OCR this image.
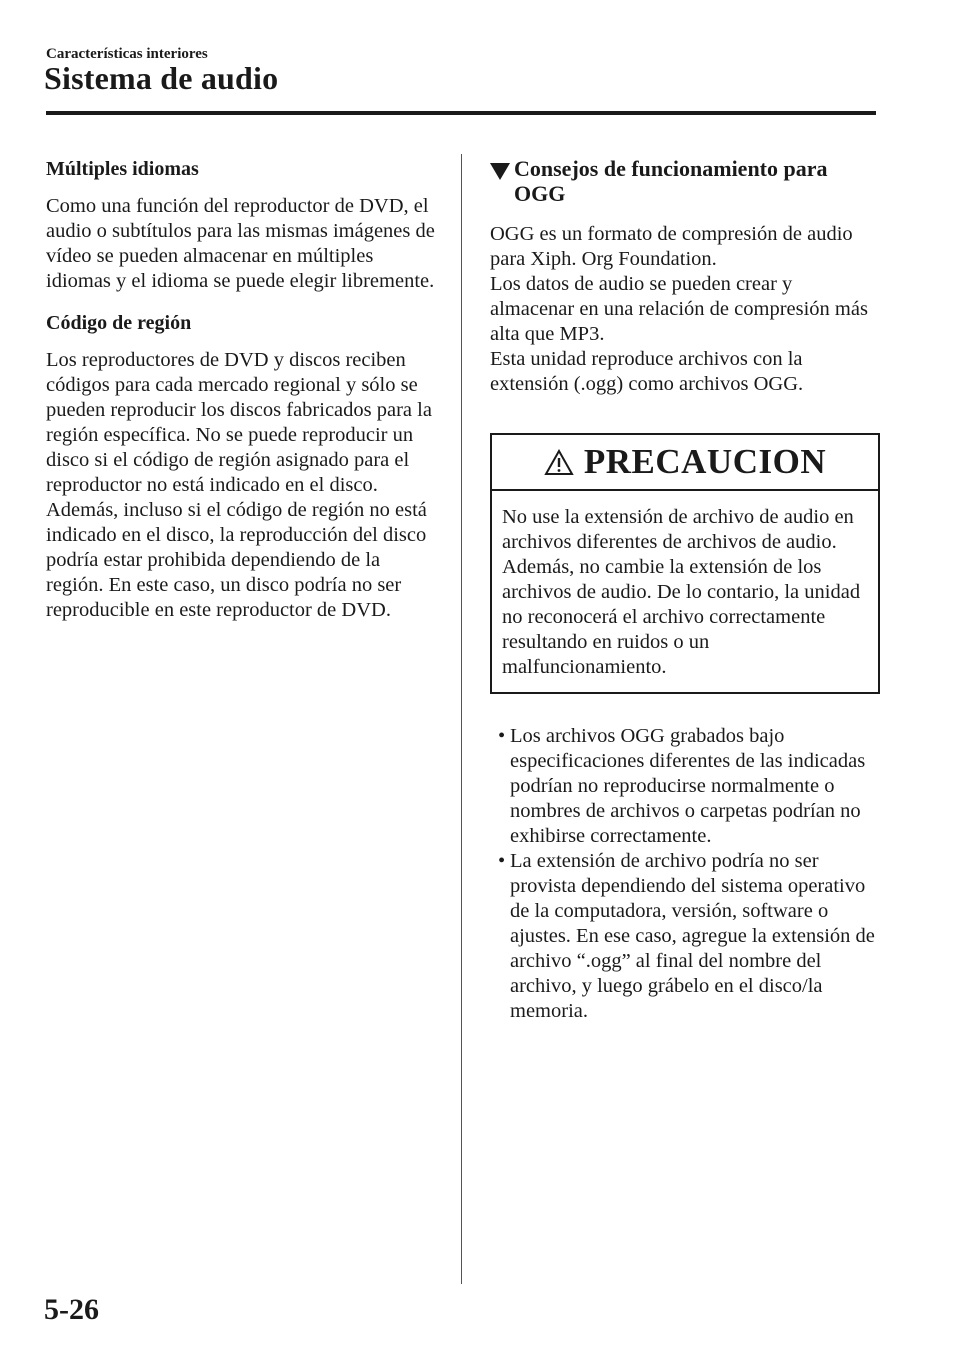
Características interiores
Sistema de audio

Múltiples idiomas

Como una función del reproductor de DVD, el audio o subtítulos para las mismas imágenes de vídeo se pueden almacenar en múltiples idiomas y el idioma se puede elegir libremente.

Código de región

Los reproductores de DVD y discos reciben códigos para cada mercado regional y sólo se pueden reproducir los discos fabricados para la región específica. No se puede reproducir un disco si el código de región asignado para el reproductor no está indicado en el disco. Además, incluso si el código de región no está indicado en el disco, la reproducción del disco podría estar prohibida dependiendo de la región. En este caso, un disco podría no ser reproducible en este reproductor de DVD.

Consejos de funcionamiento para OGG

OGG es un formato de compresión de audio para Xiph. Org Foundation.

Los datos de audio se pueden crear y almacenar en una relación de compresión más alta que MP3.

Esta unidad reproduce archivos con la extensión (.ogg) como archivos OGG.

PRECAUCION
No use la extensión de archivo de audio en archivos diferentes de archivos de audio. Además, no cambie la extensión de los archivos de audio. De lo contario, la unidad no reconocerá el archivo correctamente resultando en ruidos o un malfuncionamiento.
• Los archivos OGG grabados bajo especificaciones diferentes de las indicadas podrían no reproducirse normalmente o nombres de archivos o carpetas podrían no exhibirse correctamente.
• La extensión de archivo podría no ser provista dependiendo del sistema operativo de la computadora, versión, software o ajustes. En ese caso, agregue la extensión de archivo “.ogg” al final del nombre del archivo, y luego grábelo en el disco/la memoria.
5-26
